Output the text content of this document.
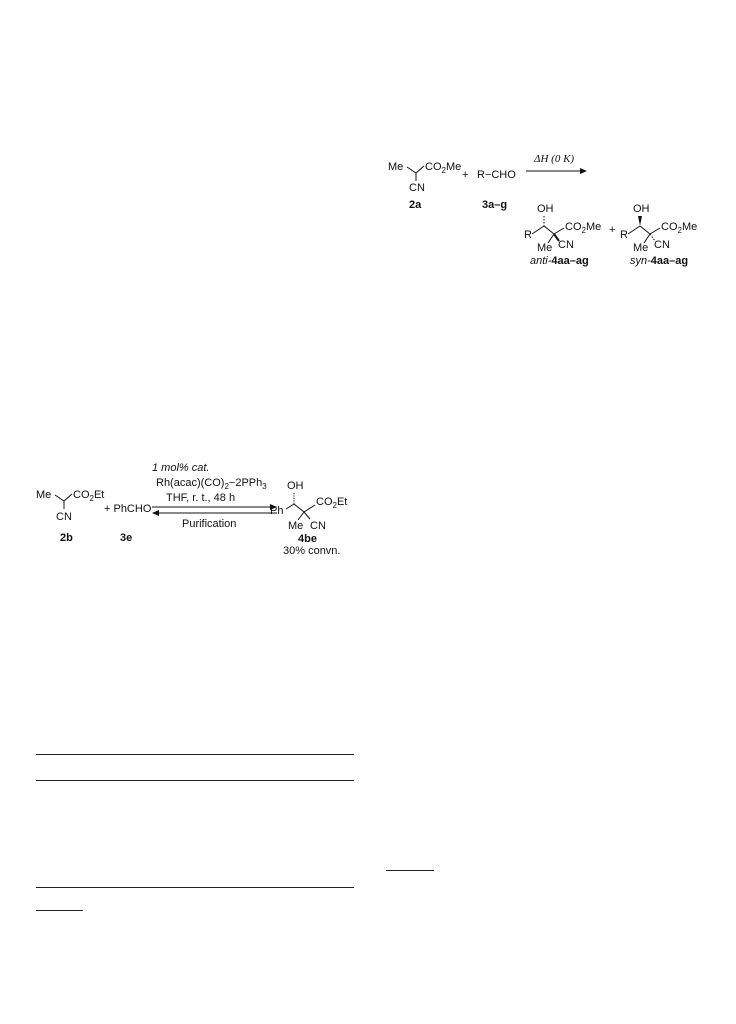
Me $CO_2Me$
CN
2a
+ R−CHO
3a–g
ΔH (0 K)
OH
R
$CO_2Me$
Me CN
anti-4aa–ag
+
OH
R
$CO_2Me$
Me CN
syn-4aa–ag
1 mol% cat.
$Rh(acac)(CO)_2-2PPh_3$
THF, r. t., 48 h
Purification
Me $CO_2Et$
CN
2b
+ PhCHO
3e
OH
Ph
$CO_2Et$
Me CN
4be
30% convn.
